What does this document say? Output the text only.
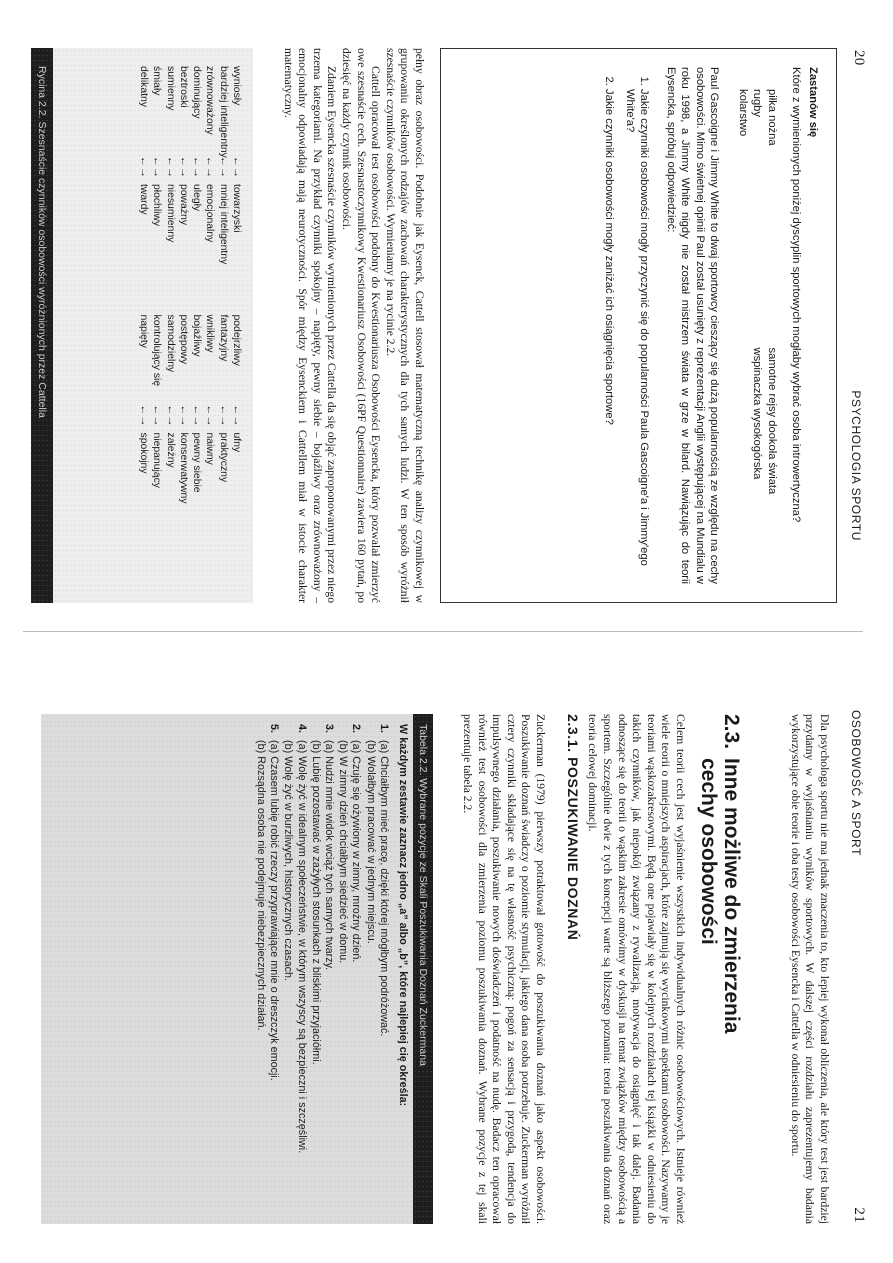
20
PSYCHOLOGIA SPORTU

Zastanów się

Które z wymienionych poniżej dyscyplin sportowych mogłaby wybrać osoba introwertyczna?

piłka nożna
rugby
kolarstwo
samotne rejsy dookoła świata
wspinaczka wysokogórska

Paul Gascoigne i Jimmy White to dwaj sportowcy cieszący się dużą popularnością ze względu na cechy osobowości. Mimo świetnej opinii Paul został usunięty z reprezentacji Anglii występującej na Mundialu w roku 1998, a Jimmy White nigdy nie został mistrzem świata w grze w bilard. Nawiązując do teorii Eysencka, spróbuj odpowiedzieć:

1. Jakie czynniki osobowości mogły przyczynić się do popularności Paula Gascoigne'a i Jimmy'ego White'a?
2. Jakie czynniki osobowości mogły zaniżać ich osiągnięcia sportowe?

pełny obraz osobowości. Podobnie jak Eysenck, Cattell stosował matematyczną technikę analizy czynnikowej w grupowaniu określonych rodzajów zachowań charakterystycznych dla tych samych ludzi. W ten sposób wyróżnił szesnaście czynników osobowości. Wymieniamy je na rycinie 2.2.

Cattell opracował test osobowości podobny do Kwestionariusza Osobowości Eysencka, który pozwalał zmierzyć owe szesnaście cech. Szesnastoczynnikowy Kwestionariusz Osobowości (16PF Questionnaire) zawiera 160 pytań, po dziesięć na każdy czynnik osobowości.

Zdaniem Eysencka szesnaście czynników wymienionych przez Cattella da się objąć zaproponowanymi przez niego trzema kategoriami. Na przykład czynniki spokojny – napięty, pewny siebie – bojaźliwy oraz zrównoważony – emocjonalny odpowiadają mają neurotyczności. Spór między Eysenckiem i Cattellem miał w istocie charakter matematyczny.

wyniosły
←→
towarzyski
bardziej inteligentny
←→
mniej inteligentny
zrównoważony
←→
emocjonalny
dominujący
←→
uległy
beztroski
←→
poważny
sumienny
←→
niesumienny
śmiały
←→
płochliwy
delikatny
←→
twardy
podejrzliwy
←→
ufny
fantazyjny
←→
praktyczny
wnikliwy
←→
naiwny
bojaźliwy
←→
pewny siebie
postępowy
←→
konserwatywny
samodzielny
←→
zależny
kontrolujący się
←→
niepanujący
napięty
←→
spokojny
Rycina 2.2. Szesnaście czynników osobowości wyróżnionych przez Cattella
OSOBOWOŚĆ A SPORT
21

Dla psychologa sportu nie ma jednak znaczenia to, kto lepiej wykonał obliczenia, ale który test jest bardziej przydatny w wyjaśnianiu wyników sportowych. W dalszej części rozdziału zaprezentujemy badania wykorzystujące obie teorie i oba testy osobowości Eysencka i Cattella w odniesieniu do sportu.

2.3.Inne możliwe do zmierzenia
cechy osobowości

Celem teorii cech jest wyjaśnienie wszystkich indywidualnych różnic osobowościowych. Istnieje również wiele teorii o mniejszych aspiracjach, które zajmują się wycinkowymi aspektami osobowości. Nazywamy je teoriami wąskozakresowymi. Będą one pojawiały się w kolejnych rozdziałach tej książki w odniesieniu do takich czynników, jak niepokój związany z rywalizacją, motywacja do osiągnięć i tak dalej. Badania odnoszące się do teorii o wąskim zakresie omówimy w dyskusji na temat związków między osobowością a sportem. Szczególnie dwie z tych koncepcji warte są bliższego poznania: teoria poszukiwania doznań oraz teoria celowej dominacji.

2.3.1. POSZUKIWANIE DOZNAŃ

Zuckerman (1979) pierwszy potraktował gotowość do poszukiwania doznań jako aspekt osobowości. Poszukiwanie doznań świadczy o poziomie stymulacji, jakiego dana osoba potrzebuje. Zuckerman wyróżnił cztery czynniki składające się na tę własność psychiczną: pogoń za sensacją i przygodą, tendencja do impulsywnego działania, poszukiwanie nowych doświadczeń i podatność na nudę. Badacz ten opracował również test osobowości dla zmierzenia poziomu poszukiwania doznań. Wybrane pozycje z tej skali prezentuje tabela 2.2.

Tabela 2.2. Wybrane pozycje ze Skali Poszukiwania Doznań Zuckermana
W każdym zestawie zaznacz jedno „a” albo „b”, które najlepiej cię określa:
1.
(a) Chciałbym mieć pracę, dzięki której mógłbym podróżować.
(b) Wolałbym pracować w jednym miejscu.
2.
(a) Czuję się ożywiony w zimny, mroźny dzień.
(b) W zimny dzień chciałbym siedzieć w domu.
3.
(a) Nudzi mnie widok wciąż tych samych twarzy.
(b) Lubię pozostawać w zażyłych stosunkach z bliskimi przyjaciółmi.
4.
(a) Wolę żyć w idealnym społeczeństwie, w którym wszyscy są bezpieczni i szczęśliwi.
(b) Wolę żyć w burzliwych, historycznych czasach.
5.
(a) Czasem lubię robić rzeczy przyprawiające mnie o dreszczyk emocji.
(b) Rozsądna osoba nie podejmuje niebezpiecznych działań.
